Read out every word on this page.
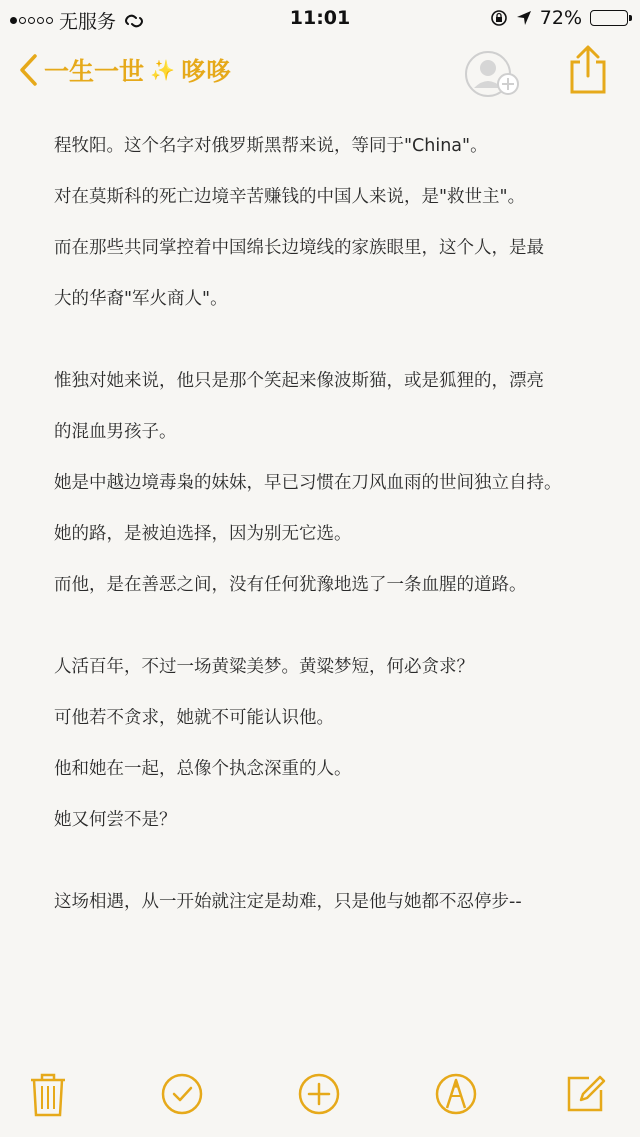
无服务	11:01	72%
一生一世 ✨ 哆哆

程牧阳。这个名字对俄罗斯黑帮来说，等同于"China"。

对在莫斯科的死亡边境辛苦赚钱的中国人来说，是"救世主"。

而在那些共同掌控着中国绵长边境线的家族眼里，这个人，是最

大的华裔"军火商人"。

惟独对她来说，他只是那个笑起来像波斯猫，或是狐狸的，漂亮

的混血男孩子。

她是中越边境毒枭的妹妹，早已习惯在刀风血雨的世间独立自持。

她的路，是被迫选择，因为别无它选。

而他，是在善恶之间，没有任何犹豫地选了一条血腥的道路。

人活百年，不过一场黄粱美梦。黄粱梦短，何必贪求？

可他若不贪求，她就不可能认识他。

他和她在一起，总像个执念深重的人。

她又何尝不是？

这场相遇，从一开始就注定是劫难，只是他与她都不忍停步--
